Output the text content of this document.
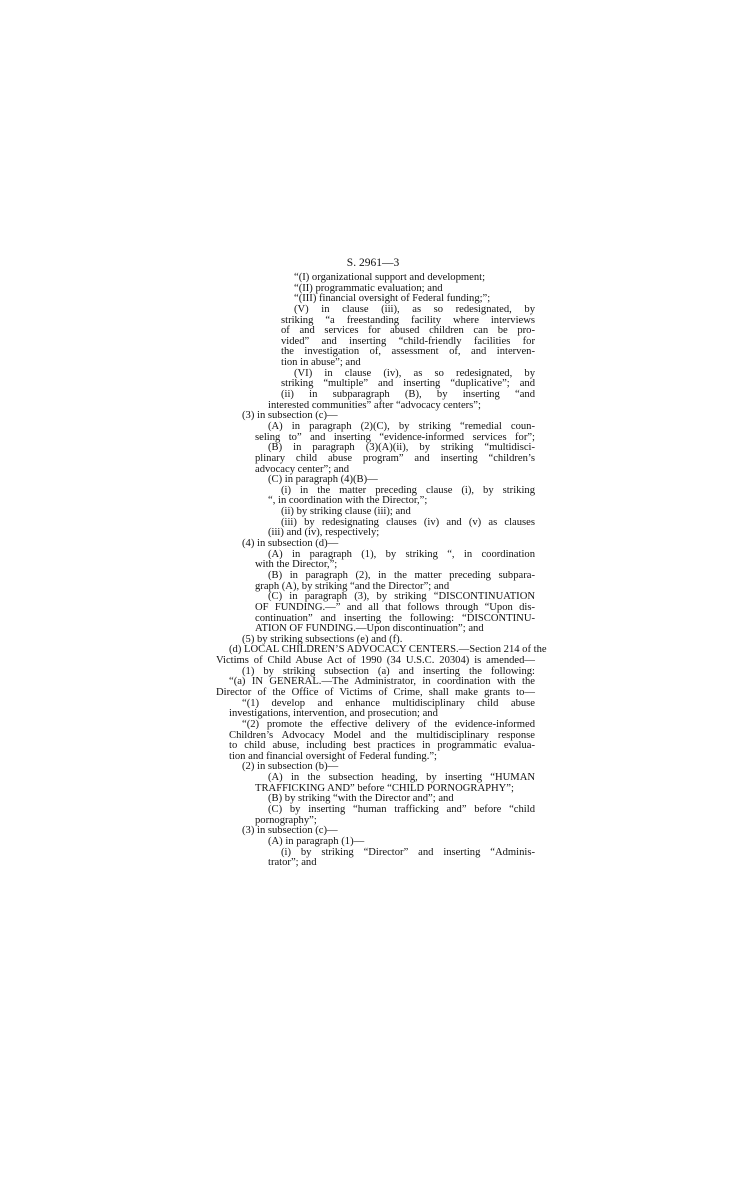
S. 2961—3
“(I) organizational support and development;
“(II) programmatic evaluation; and
“(III) financial oversight of Federal funding;”;
(V) in clause (iii), as so redesignated, by
striking “a freestanding facility where interviews
of and services for abused children can be pro-
vided” and inserting “child-friendly facilities for
the investigation of, assessment of, and interven-
tion in abuse”; and
(VI) in clause (iv), as so redesignated, by
striking “multiple” and inserting “duplicative”; and
(ii) in subparagraph (B), by inserting “and
interested communities” after “advocacy centers”;
(3) in subsection (c)—
(A) in paragraph (2)(C), by striking “remedial coun-
seling to” and inserting “evidence-informed services for”;
(B) in paragraph (3)(A)(ii), by striking “multidisci-
plinary child abuse program” and inserting “children’s
advocacy center”; and
(C) in paragraph (4)(B)—
(i) in the matter preceding clause (i), by striking
“, in coordination with the Director,”;
(ii) by striking clause (iii); and
(iii) by redesignating clauses (iv) and (v) as clauses
(iii) and (iv), respectively;
(4) in subsection (d)—
(A) in paragraph (1), by striking “, in coordination
with the Director,”;
(B) in paragraph (2), in the matter preceding subpara-
graph (A), by striking “and the Director”; and
(C) in paragraph (3), by striking “DISCONTINUATION
OF FUNDING.—” and all that follows through “Upon dis-
continuation” and inserting the following: “DISCONTINU-
ATION OF FUNDING.—Upon discontinuation”; and
(5) by striking subsections (e) and (f).
(d) LOCAL CHILDREN’S ADVOCACY CENTERS.—Section 214 of the
Victims of Child Abuse Act of 1990 (34 U.S.C. 20304) is amended—
(1) by striking subsection (a) and inserting the following:
“(a) IN GENERAL.—The Administrator, in coordination with the
Director of the Office of Victims of Crime, shall make grants to—
“(1) develop and enhance multidisciplinary child abuse
investigations, intervention, and prosecution; and
“(2) promote the effective delivery of the evidence-informed
Children’s Advocacy Model and the multidisciplinary response
to child abuse, including best practices in programmatic evalua-
tion and financial oversight of Federal funding.”;
(2) in subsection (b)—
(A) in the subsection heading, by inserting “HUMAN
TRAFFICKING AND” before “CHILD PORNOGRAPHY”;
(B) by striking “with the Director and”; and
(C) by inserting “human trafficking and” before “child
pornography”;
(3) in subsection (c)—
(A) in paragraph (1)—
(i) by striking “Director” and inserting “Adminis-
trator”; and
